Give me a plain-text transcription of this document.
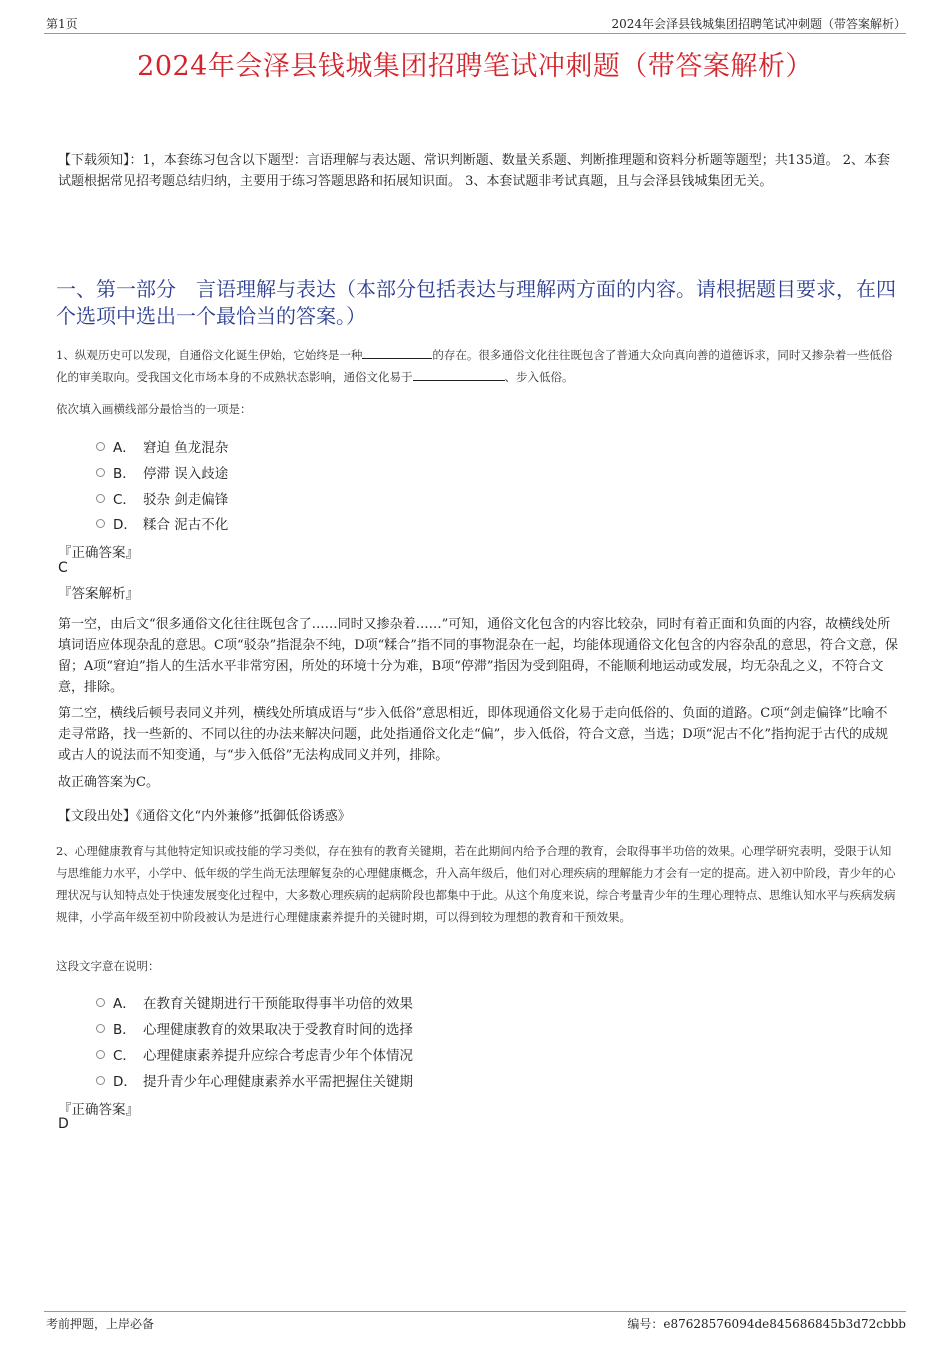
第1页	2024年会泽县钱城集团招聘笔试冲刺题（带答案解析）
2024年会泽县钱城集团招聘笔试冲刺题（带答案解析）
【下载须知】：1，本套练习包含以下题型：言语理解与表达题、常识判断题、数量关系题、判断推理题和资料分析题等题型；共135道。 2、本套试题根据常见招考题总结归纳，主要用于练习答题思路和拓展知识面。 3、本套试题非考试真题，且与会泽县钱城集团无关。
一、第一部分　言语理解与表达（本部分包括表达与理解两方面的内容。请根据题目要求，在四个选项中选出一个最恰当的答案。）
1、纵观历史可以发现，自通俗文化诞生伊始，它始终是一种	的存在。很多通俗文化往往既包含了普通大众向真向善的道德诉求，同时又掺杂着一些低俗化的审美取向。受我国文化市场本身的不成熟状态影响，通俗文化易于	、步入低俗。
依次填入画横线部分最恰当的一项是：
A． 窘迫 鱼龙混杂
B． 停滞 误入歧途
C． 驳杂 剑走偏锋
D． 糅合 泥古不化
『正确答案』
C
『答案解析』
第一空，由后文“很多通俗文化往往既包含了……同时又掺杂着……”可知，通俗文化包含的内容比较杂，同时有着正面和负面的内容，故横线处所填词语应体现杂乱的意思。C项“驳杂”指混杂不纯，D项“糅合”指不同的事物混杂在一起，均能体现通俗文化包含的内容杂乱的意思，符合文意，保留；A项“窘迫”指人的生活水平非常穷困，所处的环境十分为难，B项“停滞”指因为受到阻碍，不能顺利地运动或发展，均无杂乱之义，不符合文意，排除。
第二空，横线后顿号表同义并列，横线处所填成语与“步入低俗”意思相近，即体现通俗文化易于走向低俗的、负面的道路。C项“剑走偏锋”比喻不走寻常路，找一些新的、不同以往的办法来解决问题，此处指通俗文化走“偏”，步入低俗，符合文意，当选；D项“泥古不化”指拘泥于古代的成规或古人的说法而不知变通，与“步入低俗”无法构成同义并列，排除。
故正确答案为C。
【文段出处】《通俗文化“内外兼修”抵御低俗诱惑》
2、心理健康教育与其他特定知识或技能的学习类似，存在独有的教育关键期，若在此期间内给予合理的教育，会取得事半功倍的效果。心理学研究表明，受限于认知与思维能力水平，小学中、低年级的学生尚无法理解复杂的心理健康概念，升入高年级后，他们对心理疾病的理解能力才会有一定的提高。进入初中阶段，青少年的心理状况与认知特点处于快速发展变化过程中，大多数心理疾病的起病阶段也都集中于此。从这个角度来说，综合考量青少年的生理心理特点、思维认知水平与疾病发病规律，小学高年级至初中阶段被认为是进行心理健康素养提升的关键时期，可以得到较为理想的教育和干预效果。
这段文字意在说明：
A． 在教育关键期进行干预能取得事半功倍的效果
B． 心理健康教育的效果取决于受教育时间的选择
C． 心理健康素养提升应综合考虑青少年个体情况
D． 提升青少年心理健康素养水平需把握住关键期
『正确答案』
D
考前押题，上岸必备	编号：e87628576094de845686845b3d72cbbb
